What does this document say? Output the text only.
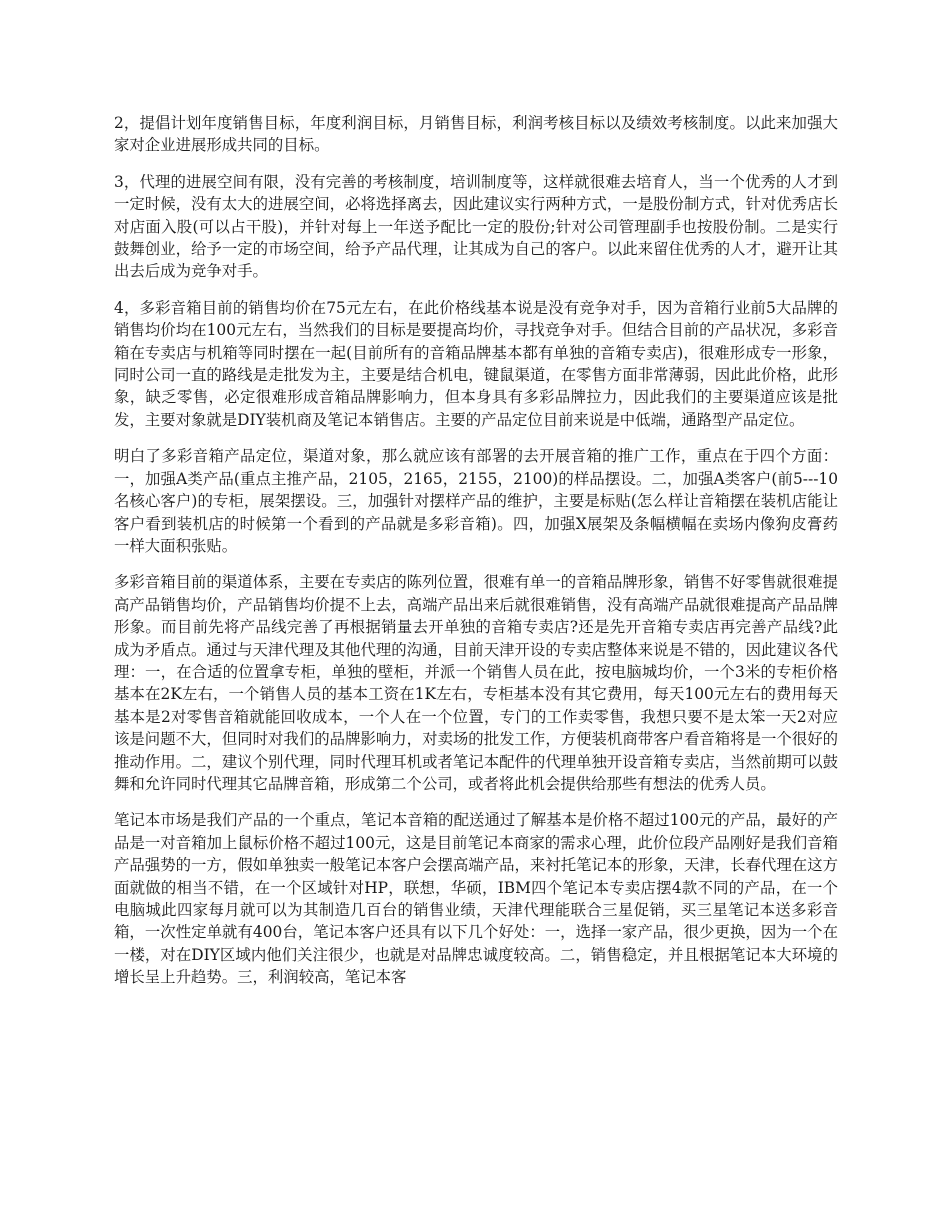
2，提倡计划年度销售目标，年度利润目标，月销售目标，利润考核目标以及绩效考核制度。以此来加强大家对企业进展形成共同的目标。

3，代理的进展空间有限，没有完善的考核制度，培训制度等，这样就很难去培育人，当一个优秀的人才到一定时候，没有太大的进展空间，必将选择离去，因此建议实行两种方式，一是股份制方式，针对优秀店长对店面入股(可以占干股)，并针对每上一年送予配比一定的股份;针对公司管理副手也按股份制。二是实行鼓舞创业，给予一定的市场空间，给予产品代理，让其成为自己的客户。以此来留住优秀的人才，避开让其出去后成为竞争对手。

4，多彩音箱目前的销售均价在75元左右，在此价格线基本说是没有竞争对手，因为音箱行业前5大品牌的销售均价均在100元左右，当然我们的目标是要提高均价，寻找竞争对手。但结合目前的产品状况，多彩音箱在专卖店与机箱等同时摆在一起(目前所有的音箱品牌基本都有单独的音箱专卖店)，很难形成专一形象，同时公司一直的路线是走批发为主，主要是结合机电，键鼠渠道，在零售方面非常薄弱，因此此价格，此形象，缺乏零售，必定很难形成音箱品牌影响力，但本身具有多彩品牌拉力，因此我们的主要渠道应该是批发，主要对象就是DIY装机商及笔记本销售店。主要的产品定位目前来说是中低端，通路型产品定位。

明白了多彩音箱产品定位，渠道对象，那么就应该有部署的去开展音箱的推广工作，重点在于四个方面：一，加强A类产品(重点主推产品，2105，2165，2155，2100)的样品摆设。二，加强A类客户(前5---10名核心客户)的专柜，展架摆设。三，加强针对摆样产品的维护，主要是标贴(怎么样让音箱摆在装机店能让客户看到装机店的时候第一个看到的产品就是多彩音箱)。四，加强X展架及条幅横幅在卖场内像狗皮膏药一样大面积张贴。

多彩音箱目前的渠道体系，主要在专卖店的陈列位置，很难有单一的音箱品牌形象，销售不好零售就很难提高产品销售均价，产品销售均价提不上去，高端产品出来后就很难销售，没有高端产品就很难提高产品品牌形象。而目前先将产品线完善了再根据销量去开单独的音箱专卖店?还是先开音箱专卖店再完善产品线?此成为矛盾点。通过与天津代理及其他代理的沟通，目前天津开设的专卖店整体来说是不错的，因此建议各代理：一，在合适的位置拿专柜，单独的壁柜，并派一个销售人员在此，按电脑城均价，一个3米的专柜价格基本在2K左右，一个销售人员的基本工资在1K左右，专柜基本没有其它费用，每天100元左右的费用每天基本是2对零售音箱就能回收成本，一个人在一个位置，专门的工作卖零售，我想只要不是太笨一天2对应该是问题不大，但同时对我们的品牌影响力，对卖场的批发工作，方便装机商带客户看音箱将是一个很好的推动作用。二，建议个别代理，同时代理耳机或者笔记本配件的代理单独开设音箱专卖店，当然前期可以鼓舞和允许同时代理其它品牌音箱，形成第二个公司，或者将此机会提供给那些有想法的优秀人员。

笔记本市场是我们产品的一个重点，笔记本音箱的配送通过了解基本是价格不超过100元的产品，最好的产品是一对音箱加上鼠标价格不超过100元，这是目前笔记本商家的需求心理，此价位段产品刚好是我们音箱产品强势的一方，假如单独卖一般笔记本客户会摆高端产品，来衬托笔记本的形象，天津，长春代理在这方面就做的相当不错，在一个区域针对HP，联想，华硕，IBM四个笔记本专卖店摆4款不同的产品，在一个电脑城此四家每月就可以为其制造几百台的销售业绩，天津代理能联合三星促销，买三星笔记本送多彩音箱，一次性定单就有400台，笔记本客户还具有以下几个好处：一，选择一家产品，很少更换，因为一个在一楼，对在DIY区域内他们关注很少，也就是对品牌忠诚度较高。二，销售稳定，并且根据笔记本大环境的增长呈上升趋势。三，利润较高，笔记本客
